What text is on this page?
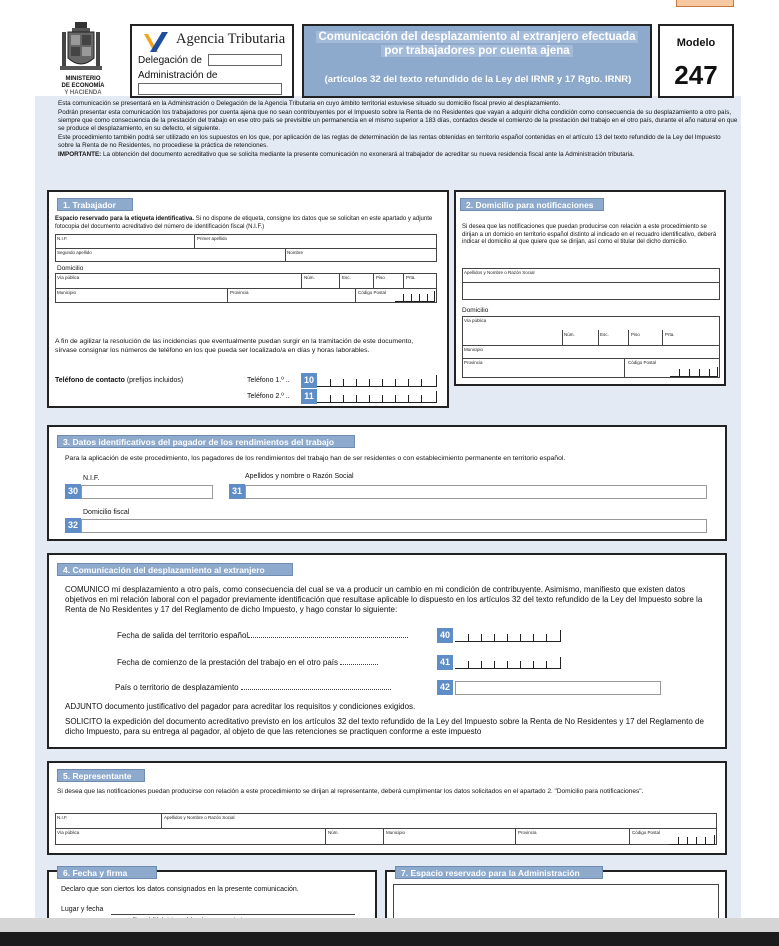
MINISTERIO
DE ECONOMÍA
Y HACIENDA
Agencia Tributaria
Delegación de
Administración de
Comunicación del desplazamiento al extranjero efectuada
por trabajadores por cuenta ajena
(artículos 32 del texto refundido de la Ley del IRNR y 17 Rgto. IRNR)
Modelo
247

Esta comunicación se presentará en la Administración o Delegación de la Agencia Tributaria en cuyo ámbito territorial estuviese situado su domicilio fiscal previo al desplazamiento.

Podrán presentar esta comunicación los trabajadores por cuenta ajena que no sean contribuyentes por el Impuesto sobre la Renta de no Residentes que vayan a adquirir dicha condición como consecuencia de su desplazamiento a otro país, siempre que como consecuencia de la prestación del trabajo en ese otro país se previsible un permanencia en el mismo superior a 183 días, contados desde el comienzo de la prestación del trabajo en el otro país, durante el año natural en que se produce el desplazamiento, en su defecto, el siguiente.

Este procedimiento también podrá ser utilizado en los supuestos en los que, por aplicación de las reglas de determinación de las rentas obtenidas en territorio español contenidas en el artículo 13 del texto refundido de la Ley del Impuesto sobre la Renta de no Residentes, no procediese la práctica de retenciones.

IMPORTANTE: La obtención del documento acreditativo que se solicita mediante la presente comunicación no exonerará al trabajador de acreditar su nueva residencia fiscal ante la Administración tributaria.

1. Trabajador
Espacio reservado para la etiqueta identificativa. Si no dispone de etiqueta, consigne los datos que se solicitan en este apartado y adjunte fotocopia del documento acreditativo del número de identificación fiscal (N.I.F.)
N.I.F.	Primer apellido
Segundo apellido	Nombre
Domicilio
Vía pública	Núm.	Esc.	Piso	Prta.
Municipio	Provincia	Código Postal
A fin de agilizar la resolución de las incidencias que eventualmente puedan surgir en la tramitación de este documento, sírvase consignar los números de teléfono en los que pueda ser localizado/a en días y horas laborables.
Teléfono de contacto (prefijos incluidos)	Teléfono 1.º ..	10
Teléfono 2.º ..	11
2. Domicilio para notificaciones
Si desea que las notificaciones que puedan producirse con relación a este procedimiento se dirijan a un domicio en territorio español distinto al indicado en el recuadro identificativo, deberá indicar el domicilio al que quiere que se dirijan, así como el titular del dicho domicilio.
Apellidos y Nombre o Razón Social
Domicilio
Vía pública
Núm.	Esc.	Piso	Prta.
Municipio
Provincia	Código Postal
3. Datos identificativos del pagador de los rendimientos del trabajo
Para la aplicación de este procedimiento, los pagadores de los rendimientos del trabajo han de ser residentes o con establecimiento permanente en territorio español.
N.I.F.	Apellidos y nombre o Razón Social
30	31
Domicilio fiscal
32
4. Comunicación del desplazamiento al extranjero
COMUNICO mi desplazamiento a otro país, como consecuencia del cual se va a producir un cambio en mi condición de contribuyente. Asimismo, manifiesto que existen datos objetivos en mi relación laboral con el pagador previamente identificación que resultase aplicable lo dispuesto en los artículos 32 del texto refundido de la Ley del Impuesto sobre la Renta de No Residentes y 17 del Reglamento de dicho Impuesto, y hago constar lo siguiente:
Fecha de salida del territorio español	40
Fecha de comienzo de la prestación del trabajo en el otro país	41
País o territorio de desplazamiento	42
ADJUNTO documento justificativo del pagador para acreditar los requisitos y condiciones exigidos.
SOLICITO la expedición del documento acreditativo previsto en los artículos 32 del texto refundido de la Ley del Impuesto sobre la Renta de No Residentes y 17 del Reglamento de dicho Impuesto, para su entrega al pagador, al objeto de que las retenciones se practiquen conforme a este impuesto
5. Representante
Si desea que las notificaciones puedan producirse con relación a este procedimiento se dirijan al representante, deberá cumplimentar los datos solicitados en el apartado 2. "Domicilio para notificaciones".
N.I.F.	Apellidos y Nombre o Razón Social
Vía pública	Núm.	Municipio	Provincia	Código Postal
6. Fecha y firma
Declaro que son ciertos los datos consignados en la presente comunicación.
Lugar y fecha
7. Espacio reservado para la Administración
